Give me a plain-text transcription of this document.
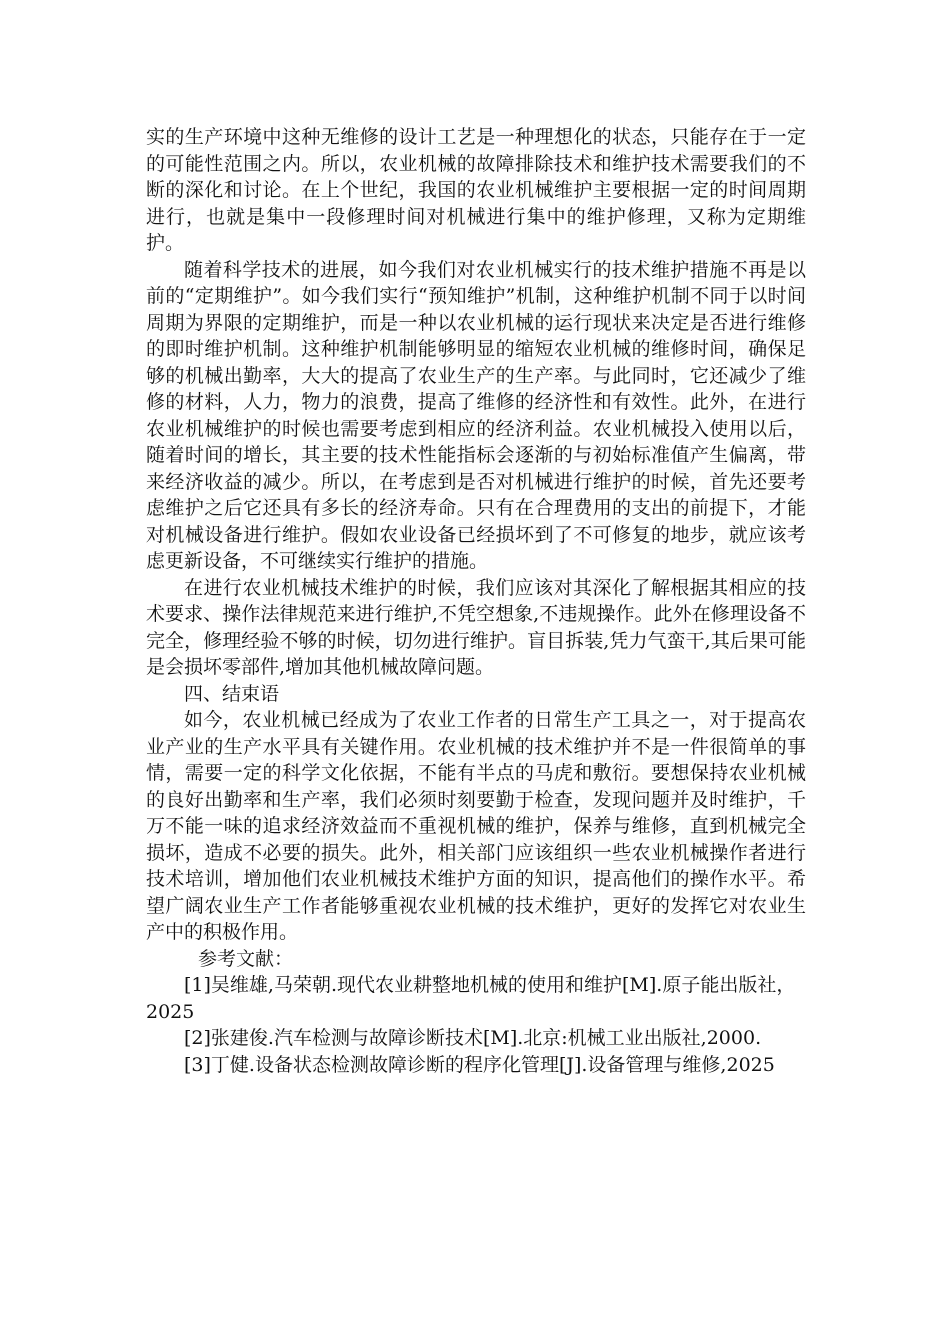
实的生产环境中这种无维修的设计工艺是一种理想化的状态，只能存在于一定的可能性范围之内。所以，农业机械的故障排除技术和维护技术需要我们的不断的深化和讨论。在上个世纪，我国的农业机械维护主要根据一定的时间周期进行，也就是集中一段修理时间对机械进行集中的维护修理，又称为定期维护。

随着科学技术的进展，如今我们对农业机械实行的技术维护措施不再是以前的“定期维护”。如今我们实行“预知维护”机制，这种维护机制不同于以时间周期为界限的定期维护，而是一种以农业机械的运行现状来决定是否进行维修的即时维护机制。这种维护机制能够明显的缩短农业机械的维修时间，确保足够的机械出勤率，大大的提高了农业生产的生产率。与此同时，它还减少了维修的材料，人力，物力的浪费，提高了维修的经济性和有效性。此外，在进行农业机械维护的时候也需要考虑到相应的经济利益。农业机械投入使用以后，随着时间的增长，其主要的技术性能指标会逐渐的与初始标准值产生偏离，带来经济收益的减少。所以，在考虑到是否对机械进行维护的时候，首先还要考虑维护之后它还具有多长的经济寿命。只有在合理费用的支出的前提下，才能对机械设备进行维护。假如农业设备已经损坏到了不可修复的地步，就应该考虑更新设备，不可继续实行维护的措施。

在进行农业机械技术维护的时候，我们应该对其深化了解根据其相应的技术要求、操作法律规范来进行维护,不凭空想象,不违规操作。此外在修理设备不完全，修理经验不够的时候，切勿进行维护。盲目拆装,凭力气蛮干,其后果可能是会损坏零部件,增加其他机械故障问题。

四、结束语

如今，农业机械已经成为了农业工作者的日常生产工具之一，对于提高农业产业的生产水平具有关键作用。农业机械的技术维护并不是一件很简单的事情，需要一定的科学文化依据，不能有半点的马虎和敷衍。要想保持农业机械的良好出勤率和生产率，我们必须时刻要勤于检查，发现问题并及时维护，千万不能一味的追求经济效益而不重视机械的维护，保养与维修，直到机械完全损坏，造成不必要的损失。此外，相关部门应该组织一些农业机械操作者进行技术培训，增加他们农业机械技术维护方面的知识，提高他们的操作水平。希望广阔农业生产工作者能够重视农业机械的技术维护，更好的发挥它对农业生产中的积极作用。

参考文献：

[1]吴维雄,马荣朝.现代农业耕整地机械的使用和维护[M].原子能出版社，2025

[2]张建俊.汽车检测与故障诊断技术[M].北京:机械工业出版社,2000.

[3]丁健.设备状态检测故障诊断的程序化管理[J].设备管理与维修,2025
